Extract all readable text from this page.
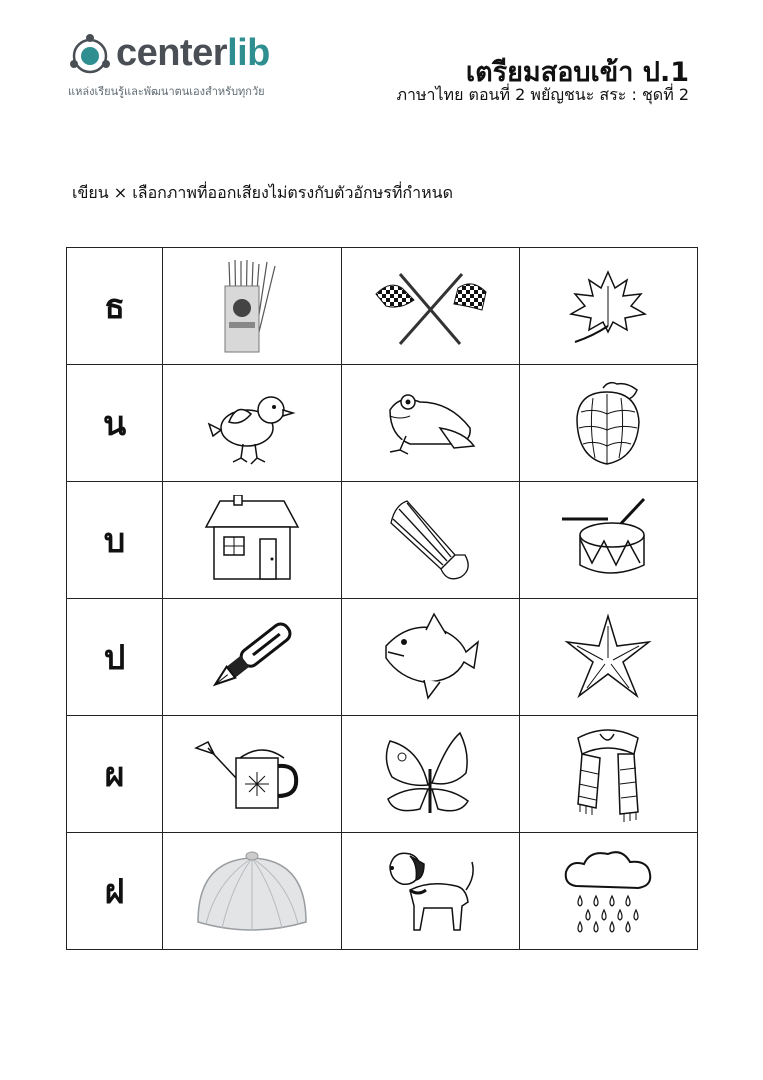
centerlib
แหล่งเรียนรู้และพัฒนาตนเองสำหรับทุกวัย
เตรียมสอบเข้า ป.1
ภาษาไทย ตอนที่ 2 พยัญชนะ สระ : ชุดที่ 2
เขียน × เลือกภาพที่ออกเสียงไม่ตรงกับตัวอักษรที่กำหนด
ธ	

น	

บ	

ป	

ผ	

ฝ	
